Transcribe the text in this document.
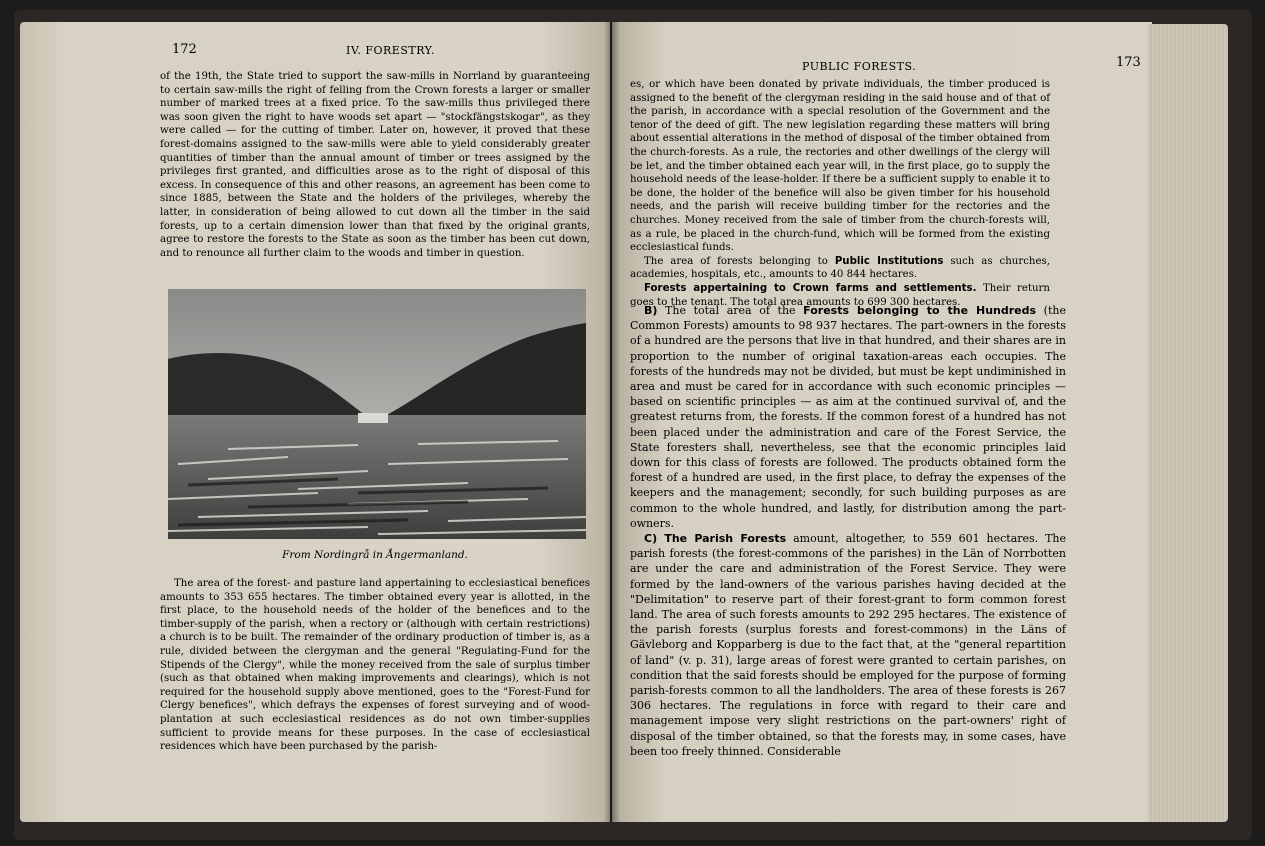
172	IV. FORESTRY.

of the 19th, the State tried to support the saw-mills in Norrland by guaranteeing to certain saw-mills the right of felling from the Crown forests a larger or smaller number of marked trees at a fixed price. To the saw-mills thus privileged there was soon given the right to have woods set apart — "stockfängstskogar", as they were called — for the cutting of timber. Later on, however, it proved that these forest-domains assigned to the saw-mills were able to yield considerably greater quantities of timber than the annual amount of timber or trees assigned by the privileges first granted, and difficulties arose as to the right of disposal of this excess. In consequence of this and other reasons, an agreement has been come to since 1885, between the State and the holders of the privileges, whereby the latter, in consideration of being allowed to cut down all the timber in the said forests, up to a certain dimension lower than that fixed by the original grants, agree to restore the forests to the State as soon as the timber has been cut down, and to renounce all further claim to the woods and timber in question.

From Nordingrå in Ångermanland.

The area of the forest- and pasture land appertaining to ecclesiastical benefices amounts to 353 655 hectares. The timber obtained every year is allotted, in the first place, to the household needs of the holder of the benefices and to the timber-supply of the parish, when a rectory or (although with certain restrictions) a church is to be built. The remainder of the ordinary production of timber is, as a rule, divided between the clergyman and the general "Regulating-Fund for the Stipends of the Clergy", while the money received from the sale of surplus timber (such as that obtained when making improvements and clearings), which is not required for the household supply above mentioned, goes to the "Forest-Fund for Clergy benefices", which defrays the expenses of forest surveying and of wood-plantation at such ecclesiastical residences as do not own timber-supplies sufficient to provide means for these purposes. In the case of ecclesiastical residences which have been purchased by the parish-

PUBLIC FORESTS.	173

es, or which have been donated by private individuals, the timber produced is assigned to the benefit of the clergyman residing in the said house and of that of the parish, in accordance with a special resolution of the Government and the tenor of the deed of gift. The new legislation regarding these matters will bring about essential alterations in the method of disposal of the timber obtained from the church-forests. As a rule, the rectories and other dwellings of the clergy will be let, and the timber obtained each year will, in the first place, go to supply the household needs of the lease-holder. If there be a sufficient supply to enable it to be done, the holder of the benefice will also be given timber for his household needs, and the parish will receive building timber for the rectories and the churches. Money received from the sale of timber from the church-forests will, as a rule, be placed in the church-fund, which will be formed from the existing ecclesiastical funds.

The area of forests belonging to Public Institutions such as churches, academies, hospitals, etc., amounts to 40 844 hectares.

Forests appertaining to Crown farms and settlements. Their return goes to the tenant. The total area amounts to 699 300 hectares.

B) The total area of the Forests belonging to the Hundreds (the Common Forests) amounts to 98 937 hectares. The part-owners in the forests of a hundred are the persons that live in that hundred, and their shares are in proportion to the number of original taxation-areas each occupies. The forests of the hundreds may not be divided, but must be kept undiminished in area and must be cared for in accordance with such economic principles — based on scientific principles — as aim at the continued survival of, and the greatest returns from, the forests. If the common forest of a hundred has not been placed under the administration and care of the Forest Service, the State foresters shall, nevertheless, see that the economic principles laid down for this class of forests are followed. The products obtained form the forest of a hundred are used, in the first place, to defray the expenses of the keepers and the management; secondly, for such building purposes as are common to the whole hundred, and lastly, for distribution among the part-owners.

C) The Parish Forests amount, altogether, to 559 601 hectares. The parish forests (the forest-commons of the parishes) in the Län of Norrbotten are under the care and administration of the Forest Service. They were formed by the land-owners of the various parishes having decided at the "Delimitation" to reserve part of their forest-grant to form common forest land. The area of such forests amounts to 292 295 hectares. The existence of the parish forests (surplus forests and forest-commons) in the Läns of Gävleborg and Kopparberg is due to the fact that, at the "general repartition of land" (v. p. 31), large areas of forest were granted to certain parishes, on condition that the said forests should be employed for the purpose of forming parish-forests common to all the landholders. The area of these forests is 267 306 hectares. The regulations in force with regard to their care and management impose very slight restrictions on the part-owners' right of disposal of the timber obtained, so that the forests may, in some cases, have been too freely thinned. Considerable
